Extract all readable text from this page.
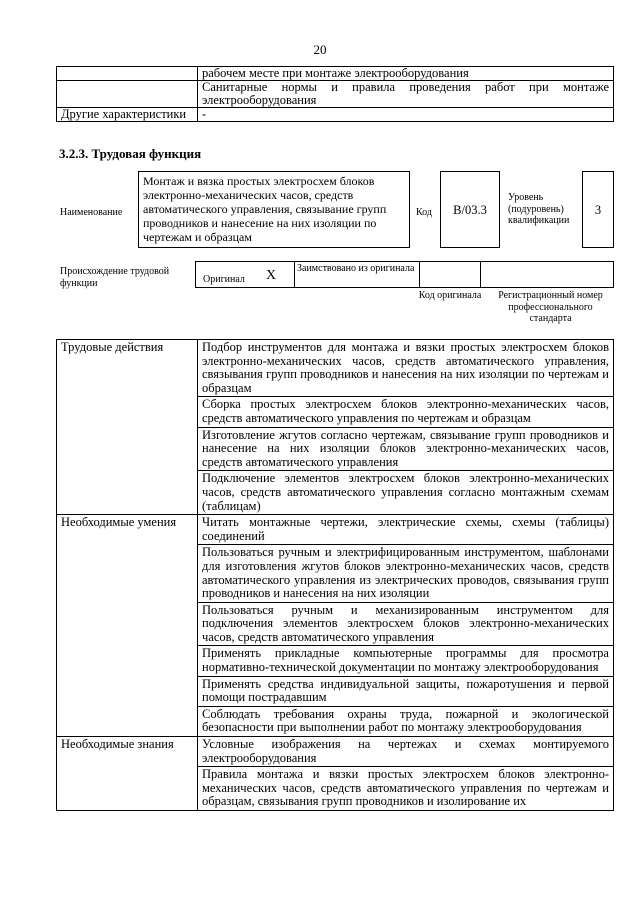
20
	рабочем месте при монтаже электрооборудования
	Санитарные нормы и правила проведения работ при монтаже электрооборудования
Другие характеристики	-
3.2.3. Трудовая функция
Наименование
Монтаж и вязка простых электросхем блоков электронно-механических часов, средств автоматического управления, связывание групп проводников и нанесение на них изоляции по чертежам и образцам
Код	В/03.3
Уровень (подуровень) квалификации
3
Происхождение трудовой функции	Оригинал X Заимствовано из оригинала
Код оригинала	Регистрационный номер профессионального стандарта
Трудовые действия	Подбор инструментов для монтажа и вязки простых электросхем блоков электронно-механических часов, средств автоматического управления, связывания групп проводников и нанесения на них изоляции по чертежам и образцам
	Сборка простых электросхем блоков электронно-механических часов, средств автоматического управления по чертежам и образцам
	Изготовление жгутов согласно чертежам, связывание групп проводников и нанесение на них изоляции блоков электронно-механических часов, средств автоматического управления
	Подключение элементов электросхем блоков электронно-механических часов, средств автоматического управления согласно монтажным схемам (таблицам)
Необходимые умения	Читать монтажные чертежи, электрические схемы, схемы (таблицы) соединений
	Пользоваться ручным и электрифицированным инструментом, шаблонами для изготовления жгутов блоков электронно-механических часов, средств автоматического управления из электрических проводов, связывания групп проводников и нанесения на них изоляции
	Пользоваться ручным и механизированным инструментом для подключения элементов электросхем блоков электронно-механических часов, средств автоматического управления
	Применять прикладные компьютерные программы для просмотра нормативно-технической документации по монтажу электрооборудования
	Применять средства индивидуальной защиты, пожаротушения и первой помощи пострадавшим
	Соблюдать требования охраны труда, пожарной и экологической безопасности при выполнении работ по монтажу электрооборудования
Необходимые знания	Условные изображения на чертежах и схемах монтируемого электрооборудования
	Правила монтажа и вязки простых электросхем блоков электронно-механических часов, средств автоматического управления по чертежам и образцам, связывания групп проводников и изолирование их
